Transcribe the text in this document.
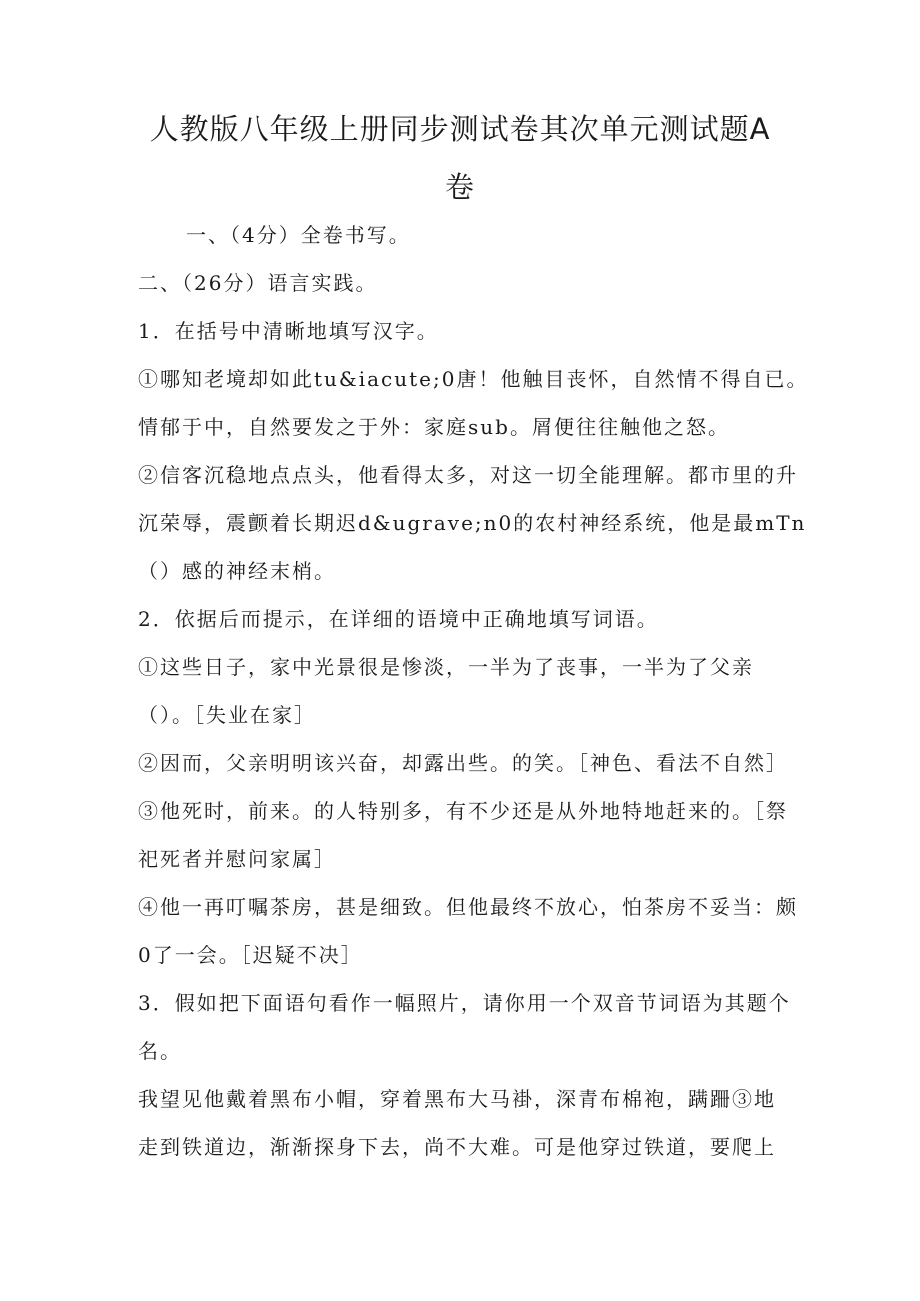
人教版八年级上册同步测试卷其次单元测试题A
卷
一、（4分）全卷书写。
二、（26分）语言实践。
1．在括号中清晰地填写汉字。
①哪知老境却如此tu&iacute;0唐！他触目丧怀，自然情不得自已。
情郁于中，自然要发之于外：家庭sub。屑便往往触他之怒。
②信客沉稳地点点头，他看得太多，对这一切全能理解。都市里的升
沉荣辱，震颤着长期迟d&ugrave;n0的农村神经系统，他是最mTn
（）感的神经末梢。
2．依据后而提示，在详细的语境中正确地填写词语。
①这些日子，家中光景很是惨淡，一半为了丧事，一半为了父亲
（）。［失业在家］
②因而，父亲明明该兴奋，却露出些。的笑。［神色、看法不自然］
③他死时，前来。的人特别多，有不少还是从外地特地赶来的。［祭
祀死者并慰问家属］
④他一再叮嘱茶房，甚是细致。但他最终不放心，怕茶房不妥当：颇
0了一会。［迟疑不决］
3．假如把下面语句看作一幅照片，请你用一个双音节词语为其题个
名。
我望见他戴着黑布小帽，穿着黑布大马褂，深青布棉袍，蹒跚③地
走到铁道边，渐渐探身下去，尚不大难。可是他穿过铁道，要爬上
